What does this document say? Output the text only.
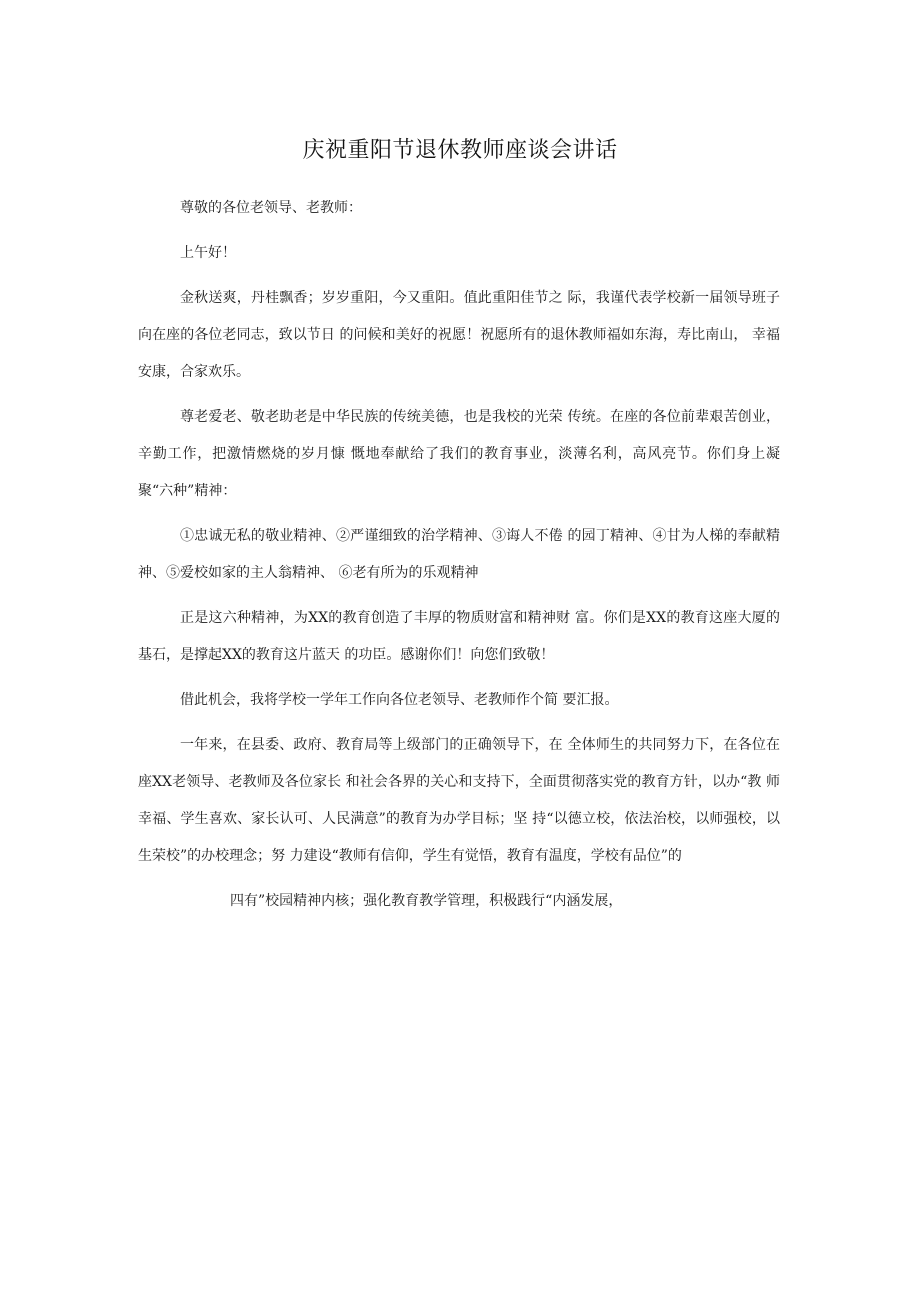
庆祝重阳节退休教师座谈会讲话

尊敬的各位老领导、老教师：

上午好！

金秋送爽，丹桂飘香；岁岁重阳，今又重阳。值此重阳佳节之 际，我谨代表学校新一届领导班子向在座的各位老同志，致以节日 的问候和美好的祝愿！祝愿所有的退休教师福如东海，寿比南山， 幸福安康，合家欢乐。

尊老爱老、敬老助老是中华民族的传统美德，也是我校的光荣 传统。在座的各位前辈艰苦创业，辛勤工作，把激情燃烧的岁月慷 慨地奉献给了我们的教育事业，淡薄名利，高风亮节。你们身上凝 聚“六种”精神：

①忠诚无私的敬业精神、②严谨细致的治学精神、③诲人不倦 的园丁精神、④甘为人梯的奉献精神、⑤爱校如家的主人翁精神、 ⑥老有所为的乐观精神

正是这六种精神，为XX的教育创造了丰厚的物质财富和精神财 富。你们是XX的教育这座大厦的基石，是撑起XX的教育这片蓝天 的功臣。感谢你们！向您们致敬！

借此机会，我将学校一学年工作向各位老领导、老教师作个简 要汇报。

一年来，在县委、政府、教育局等上级部门的正确领导下，在 全体师生的共同努力下，在各位在座XX老领导、老教师及各位家长 和社会各界的关心和支持下，全面贯彻落实党的教育方针，以办“教 师幸福、学生喜欢、家长认可、人民满意”的教育为办学目标；坚 持“以德立校，依法治校，以师强校，以生荣校”的办校理念；努 力建设“教师有信仰，学生有觉悟，教育有温度，学校有品位”的

四有”校园精神内核；强化教育教学管理，积极践行“内涵发展，
